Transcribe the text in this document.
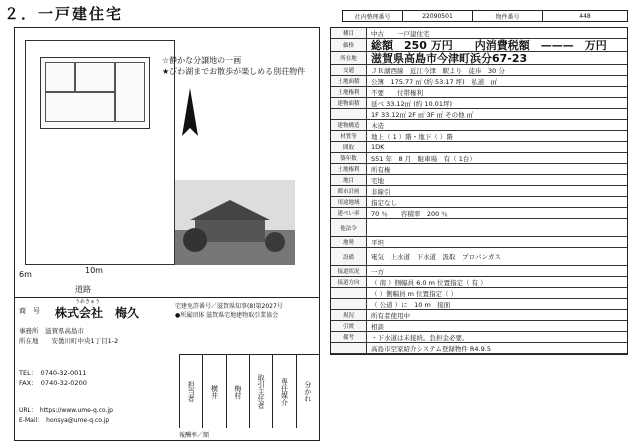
２．一戸建住宅	社内整理番号	22090501	物件番号	448
☆静かな分譲地の一画
★びわ湖までお散歩が楽しめる別荘物件
6m	10m
道路
宅建免許番号／滋賀県知事(8)第2027号
●所属団体 滋賀県宅地建物取引業協会
商　号
うめきゅう
株式会社　梅久
事務所　 滋賀県高島市
所在地　　 安曇川町中央1丁目1-2
TEL：　0740-32-0011
FAX：　0740-32-0200
URL：　https://www.ume-q.co.jp
E-Mail：　honsya@ume-q.co.jp
報酬率／額
担当者	横井	梅村	取引主任者	専任媒介	分かれ
種目	中古　　一戸建住宅
価格	総額　250 万円　　内消費税額　———　万円
所在地	滋賀県高島市今津町浜分67-23
交通	ＪＲ湖西線　近江今津　駅より　徒歩　30 分
土地面積	公簿　175.77 ㎡ (約 53.17 坪)　私道　㎡
土地権利	不要　　付帯権利
建物面積	延べ 33.12㎡ (約 10.01坪)
1F 33.12㎡ 2F ㎡ 3F ㎡ その他 ㎡
建物構造	木造
材質等	地上（ 1 ）階・地下（ ）階
間取	1DK
築年数	S51 年　8 月　駐車場　有（ 1台）
土地権利	所有権
地目	宅地
都市計画	非線引
用途地域	指定なし
建ぺい率	70 ％　　容積率　200 ％
他法令
地勢	平坦
設備	電気　上水道　下水道　汲取　プロパンガス
接道状況	一方
接道方向	（ 南 ）側幅員 6.0 m 位置指定（ 有 ）
（ ）側幅員 m 位置指定（ ）
（ 公道 ）に　10 m　接面
現況	所有者使用中
引渡	相談
備考	・下水道は未接続。負担金必要。
高島市空家紹介システム登録物件 R4.9.5
